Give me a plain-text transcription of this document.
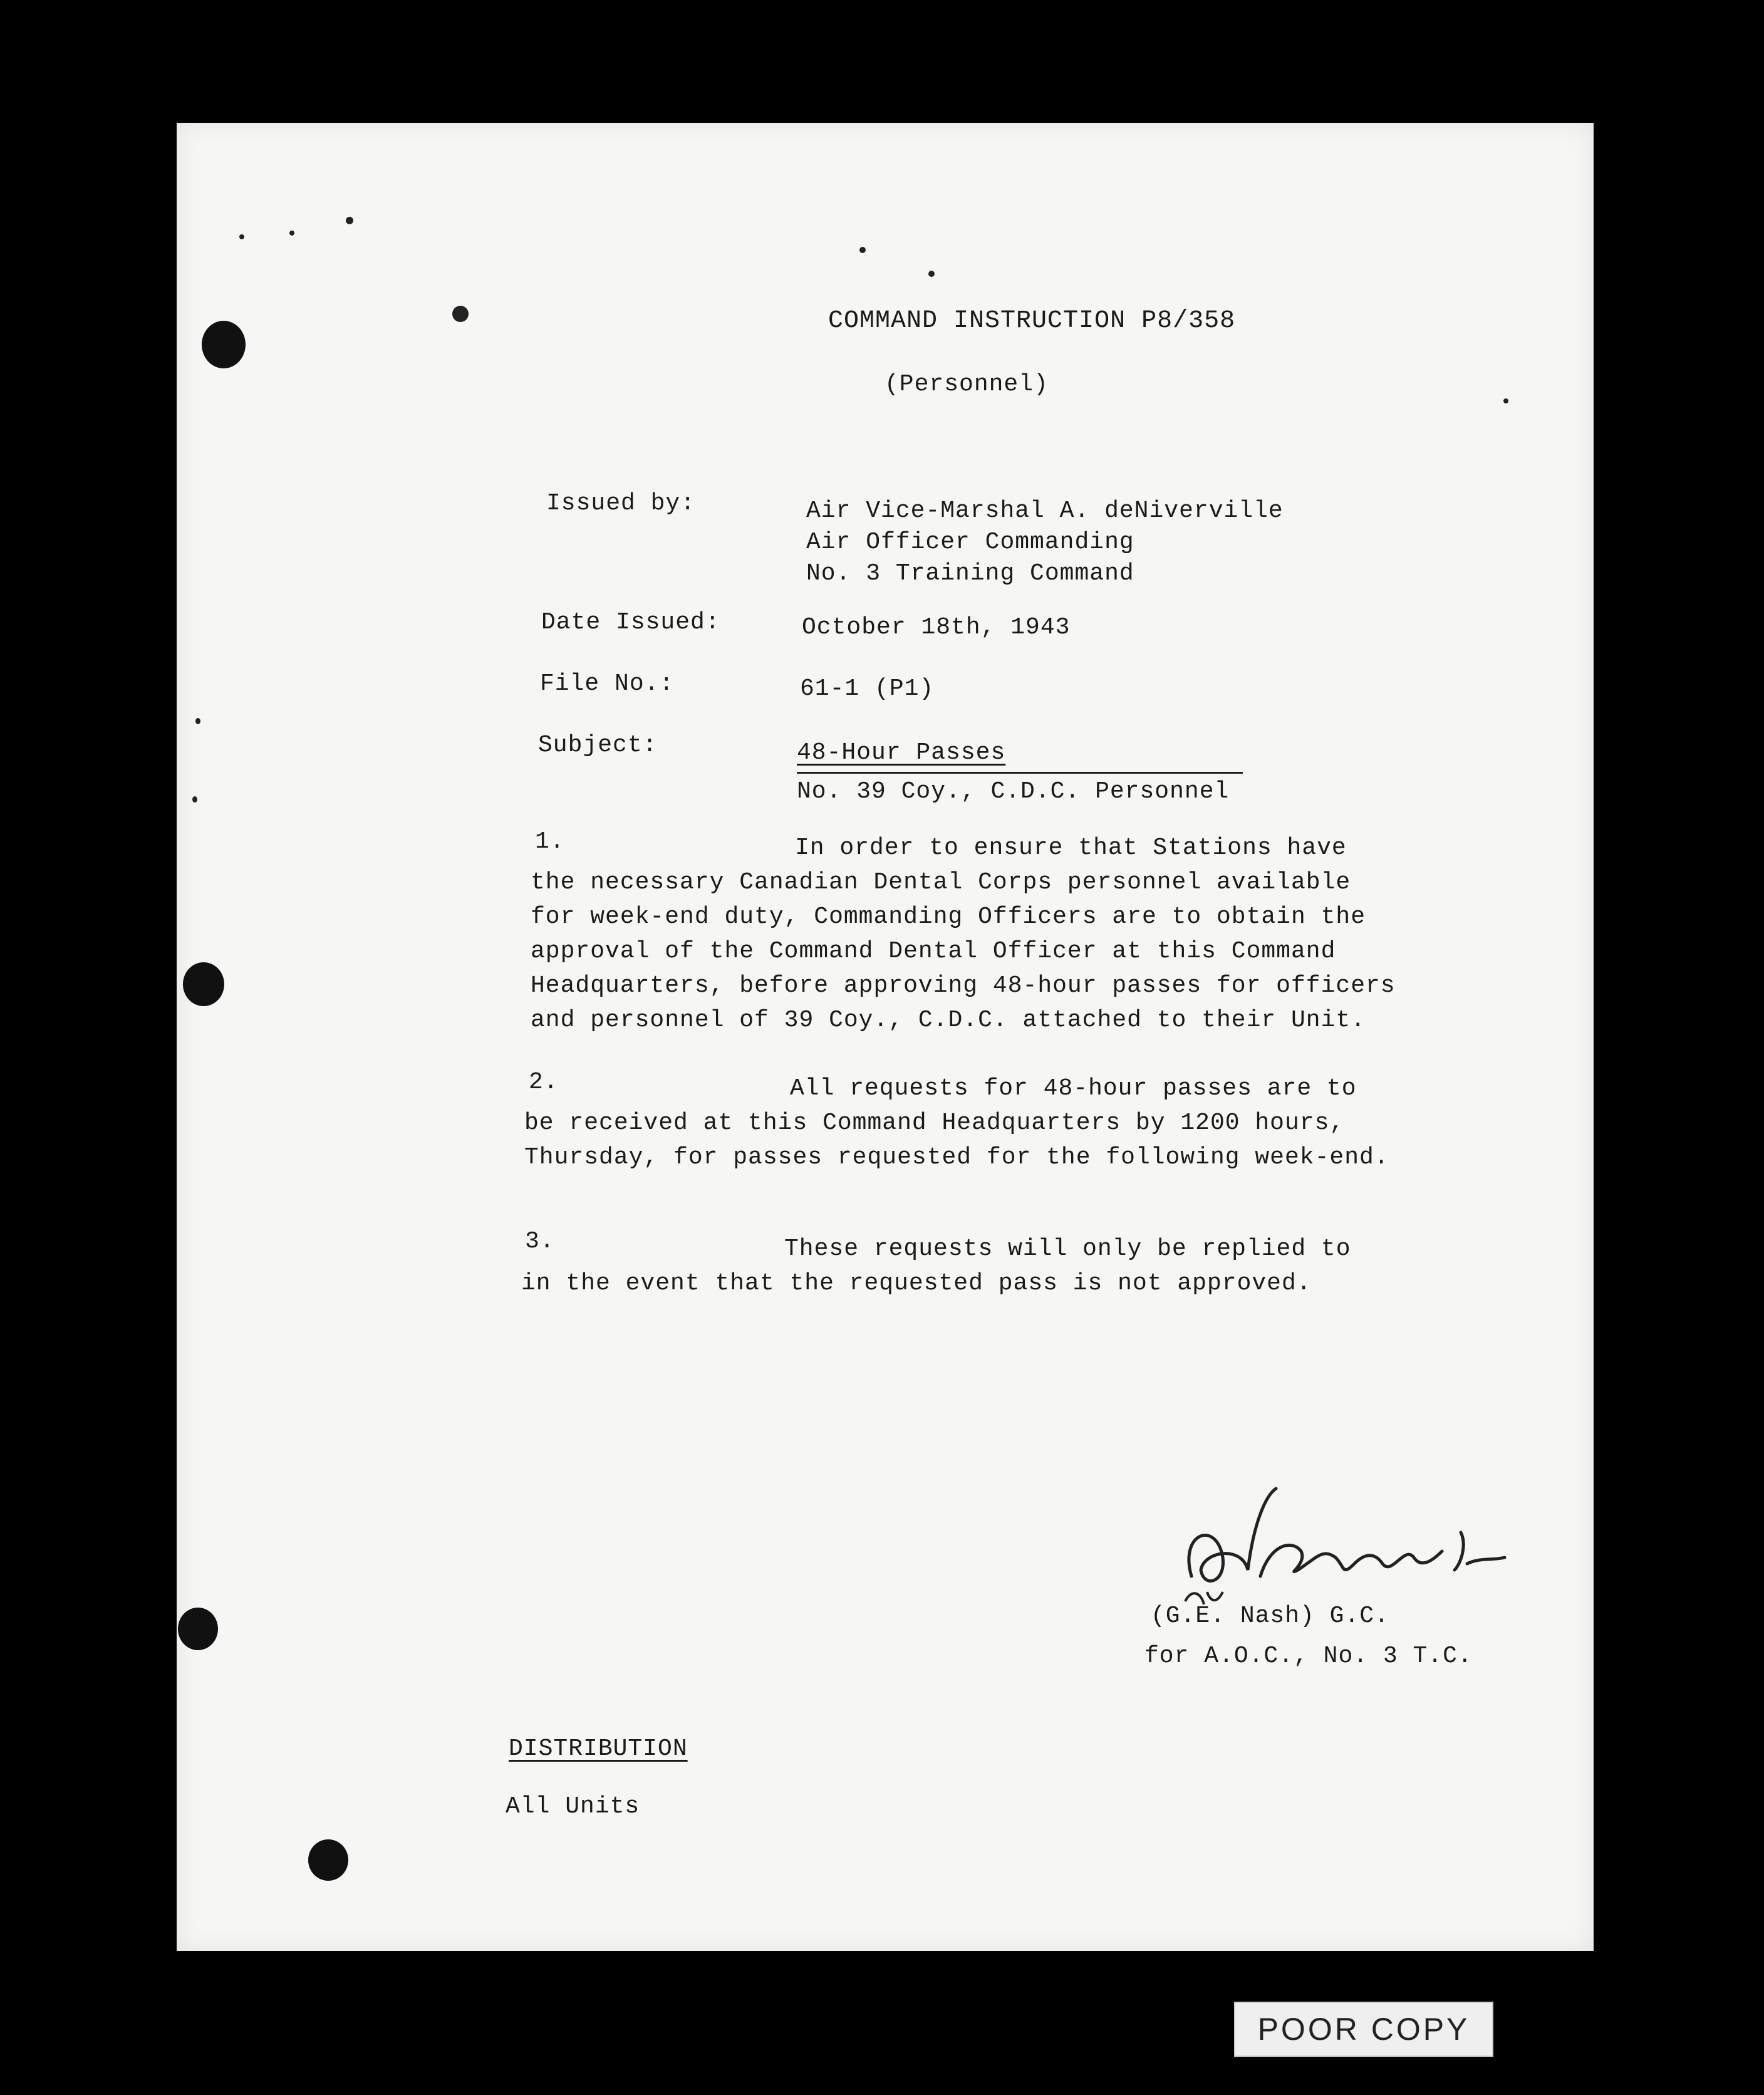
COMMAND INSTRUCTION P8/358
(Personnel)
Issued by:	Air Vice-Marshal A. deNiverville
Air Officer Commanding
No. 3 Training Command
Date Issued:	October 18th, 1943
File No.:	61-1 (P1)
Subject:	48-Hour Passes
No. 39 Coy., C.D.C. Personnel
1.	In order to ensure that Stations have the necessary Canadian Dental Corps personnel available for week-end duty, Commanding Officers are to obtain the approval of the Command Dental Officer at this Command Headquarters, before approving 48-hour passes for officers and personnel of 39 Coy., C.D.C. attached to their Unit.
2.	All requests for 48-hour passes are to be received at this Command Headquarters by 1200 hours, Thursday, for passes requested for the following week-end.
3.	These requests will only be replied to in the event that the requested pass is not approved.
(G.E. Nash) G.C.
for A.O.C., No. 3 T.C.
DISTRIBUTION
All Units
POOR COPY
